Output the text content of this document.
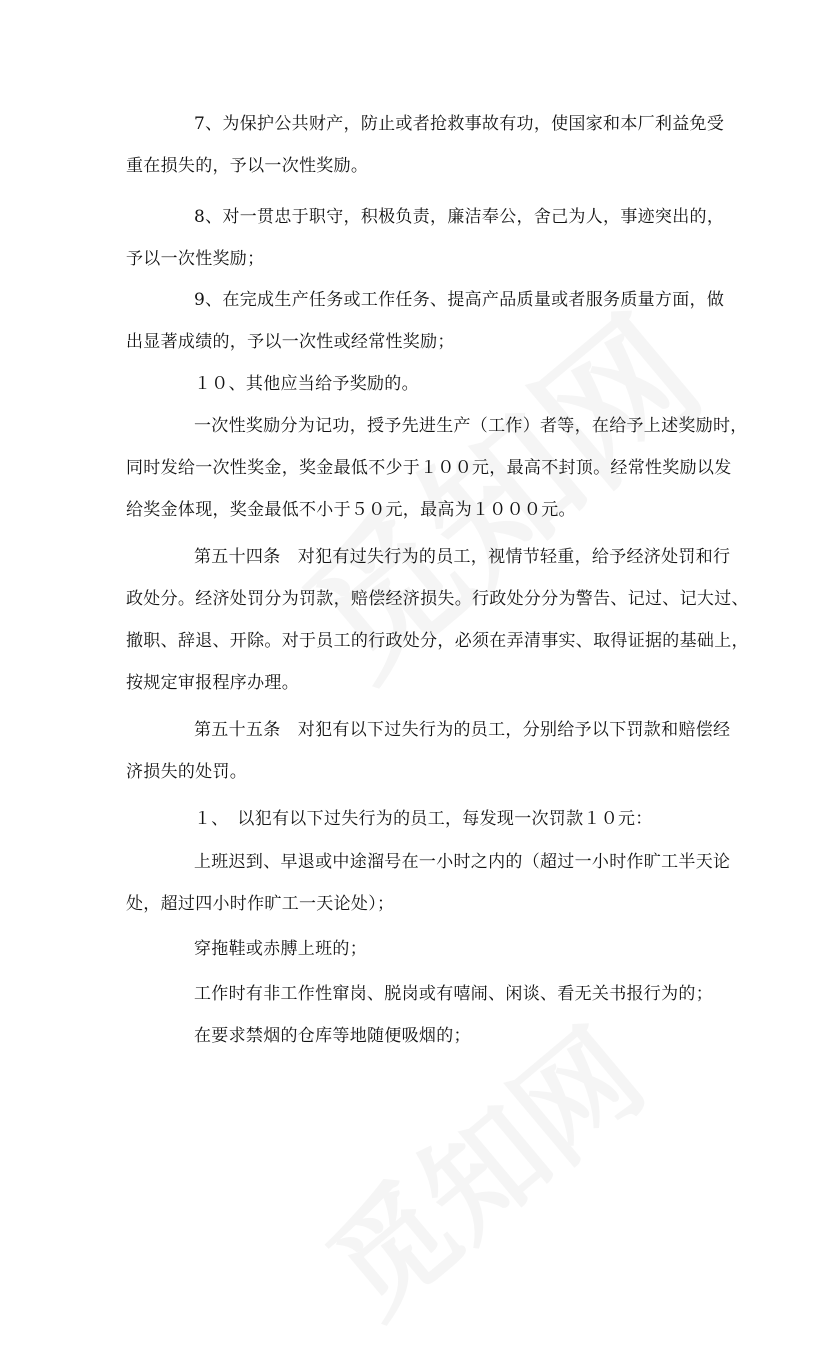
7、为保护公共财产，防止或者抢救事故有功，使国家和本厂利益免受
重在损失的，予以一次性奖励。
8、对一贯忠于职守，积极负责，廉洁奉公，舍己为人，事迹突出的，
予以一次性奖励；
9、在完成生产任务或工作任务、提高产品质量或者服务质量方面，做
出显著成绩的，予以一次性或经常性奖励；
１０、其他应当给予奖励的。
一次性奖励分为记功，授予先进生产（工作）者等，在给予上述奖励时，
同时发给一次性奖金，奖金最低不少于１００元，最高不封顶。经常性奖励以发
给奖金体现，奖金最低不小于５０元，最高为１０００元。
第五十四条　对犯有过失行为的员工，视情节轻重，给予经济处罚和行
政处分。经济处罚分为罚款，赔偿经济损失。行政处分分为警告、记过、记大过、
撤职、辞退、开除。对于员工的行政处分，必须在弄清事实、取得证据的基础上，
按规定审报程序办理。
第五十五条　对犯有以下过失行为的员工，分别给予以下罚款和赔偿经
济损失的处罚。
１、　以犯有以下过失行为的员工，每发现一次罚款１０元：
上班迟到、早退或中途溜号在一小时之内的（超过一小时作旷工半天论
处，超过四小时作旷工一天论处）；
穿拖鞋或赤膊上班的；
工作时有非工作性窜岗、脱岗或有嘻闹、闲谈、看无关书报行为的；
在要求禁烟的仓库等地随便吸烟的；
